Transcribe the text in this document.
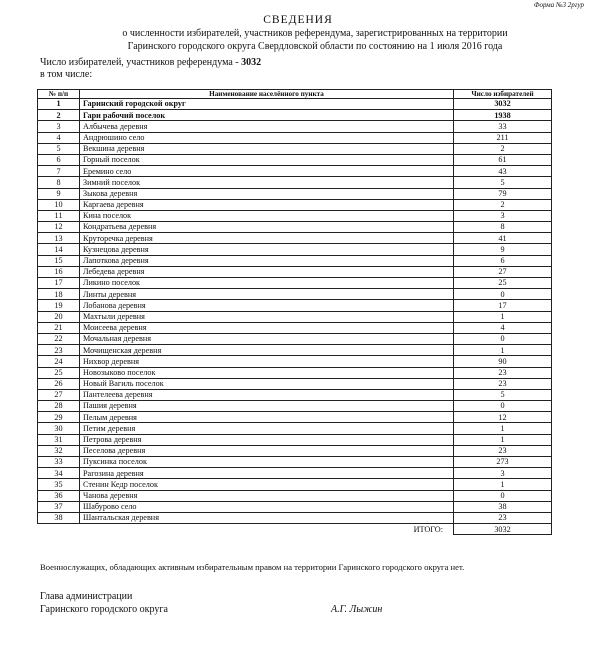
Форма №3 2ргур
СВЕДЕНИЯ
о численности избирателей, участников референдума, зарегистрированных на территории Гаринского городского округа Свердловской области по состоянию на 1 июля 2016 года
Число избирателей, участников референдума - 3032
в том числе:
№ п/п	Наименование населённого пункта	Число избирателей
1	Гаринский городской округ	3032
2	Гари рабочий поселок	1938
3	Албычева деревня	33
4	Андрюшино село	211
5	Векшина деревня	2
6	Горный поселок	61
7	Еремино село	43
8	Зимний поселок	5
9	Зыкова деревня	79
10	Каргаева деревня	2
11	Кина поселок	3
12	Кондратьева деревня	8
13	Круторечка деревня	41
14	Кузнецова деревня	9
15	Лапоткова деревня	6
16	Лебедева деревня	27
17	Ликино поселок	25
18	Линты деревня	0
19	Лобанова деревня	17
20	Махтыли деревня	1
21	Моисеева деревня	4
22	Мочальная деревня	0
23	Мочищенская деревня	1
24	Нихвор деревня	90
25	Новозыково поселок	23
26	Новый Вагиль поселок	23
27	Пантелеева деревня	5
28	Пашия деревня	0
29	Пелым деревня	12
30	Петим деревня	1
31	Петрова деревня	1
32	Песелова деревня	23
33	Пуксинка поселок	273
34	Рагозина деревня	3
35	Стенин Кедр поселок	1
36	Чанова деревня	0
37	Шабурово село	38
38	Шантальская деревня	23
	ИТОГО:	3032
Военнослужащих, обладающих активным избирательным правом на территории Гаринского городского округа нет.
Глава администрации
Гаринского городского округа	А.Г. Лыжин
